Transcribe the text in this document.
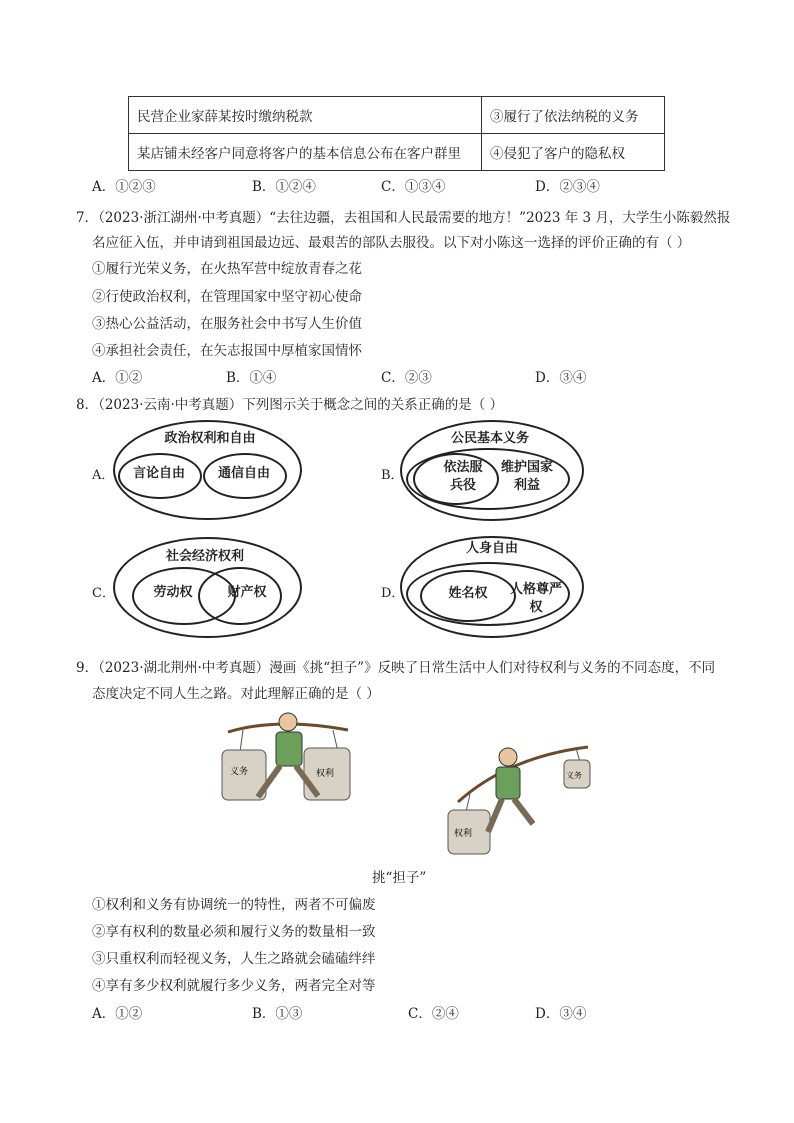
民营企业家薛某按时缴纳税款	③履行了依法纳税的义务
某店铺未经客户同意将客户的基本信息公布在客户群里	④侵犯了客户的隐私权
A．①②③	B．①②④	C．①③④	D．②③④
7．（2023·浙江湖州·中考真题）“去往边疆，去祖国和人民最需要的地方！”2023 年 3 月，大学生小陈毅然报
名应征入伍，并申请到祖国最边远、最艰苦的部队去服役。以下对小陈这一选择的评价正确的有（ ）
①履行光荣义务，在火热军营中绽放青春之花
②行使政治权利，在管理国家中坚守初心使命
③热心公益活动，在服务社会中书写人生价值
④承担社会责任，在矢志报国中厚植家国情怀
A．①②	B．①④	C．②③	D．③④
8．（2023·云南·中考真题）下列图示关于概念之间的关系正确的是（ ）
A．
政治权利和自由
言论自由	通信自由	B．
公民基本义务
依法服兵役
维护国家利益
C．
社会经济权利
劳动权	财产权	D．
人身自由
姓名权	人格尊严权
9．（2023·湖北荆州·中考真题）漫画《挑“担子”》反映了日常生活中人们对待权利与义务的不同态度，不同
态度决定不同人生之路。对此理解正确的是（ ）
义务	权利
权利
义务
挑“担子”
①权利和义务有协调统一的特性，两者不可偏废
②享有权利的数量必须和履行义务的数量相一致
③只重权利而轻视义务，人生之路就会磕磕绊绊
④享有多少权利就履行多少义务，两者完全对等
A．①②	B．①③	C．②④	D．③④
